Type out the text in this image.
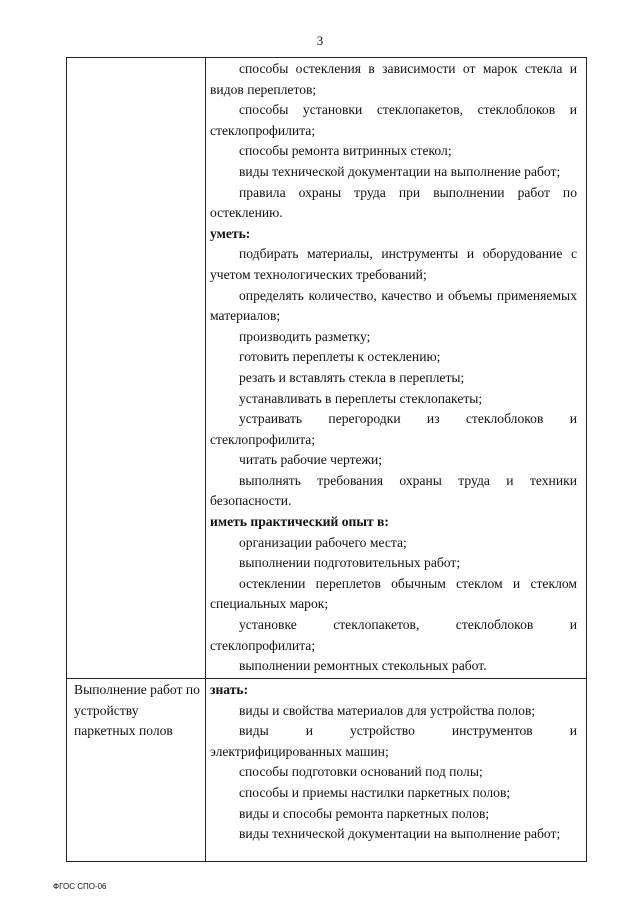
3

способы остекления в зависимости от марок стекла и видов переплетов;

способы установки стеклопакетов, стеклоблоков и стеклопрофилита;

способы ремонта витринных стекол;

виды технической документации на выполнение работ;

правила охраны труда при выполнении работ по остеклению.

уметь:

подбирать материалы, инструменты и оборудование с учетом технологических требований;

определять количество, качество и объемы применяемых материалов;

производить разметку;

готовить переплеты к остеклению;

резать и вставлять стекла в переплеты;

устанавливать в переплеты стеклопакеты;

устраивать перегородки из стеклоблоков и стеклопрофилита;

читать рабочие чертежи;

выполнять требования охраны труда и техники безопасности.

иметь практический опыт в:

организации рабочего места;

выполнении подготовительных работ;

остеклении переплетов обычным стеклом и стеклом специальных марок;

установке стеклопакетов, стеклоблоков и стеклопрофилита;

выполнении ремонтных стекольных работ.

Выполнение работ по устройству паркетных полов

знать:

виды и свойства материалов для устройства полов;

виды и устройство инструментов и электрифицированных машин;

способы подготовки оснований под полы;

способы и приемы настилки паркетных полов;

виды и способы ремонта паркетных полов;

виды технической документации на выполнение работ;

ФГОС СПО-06
